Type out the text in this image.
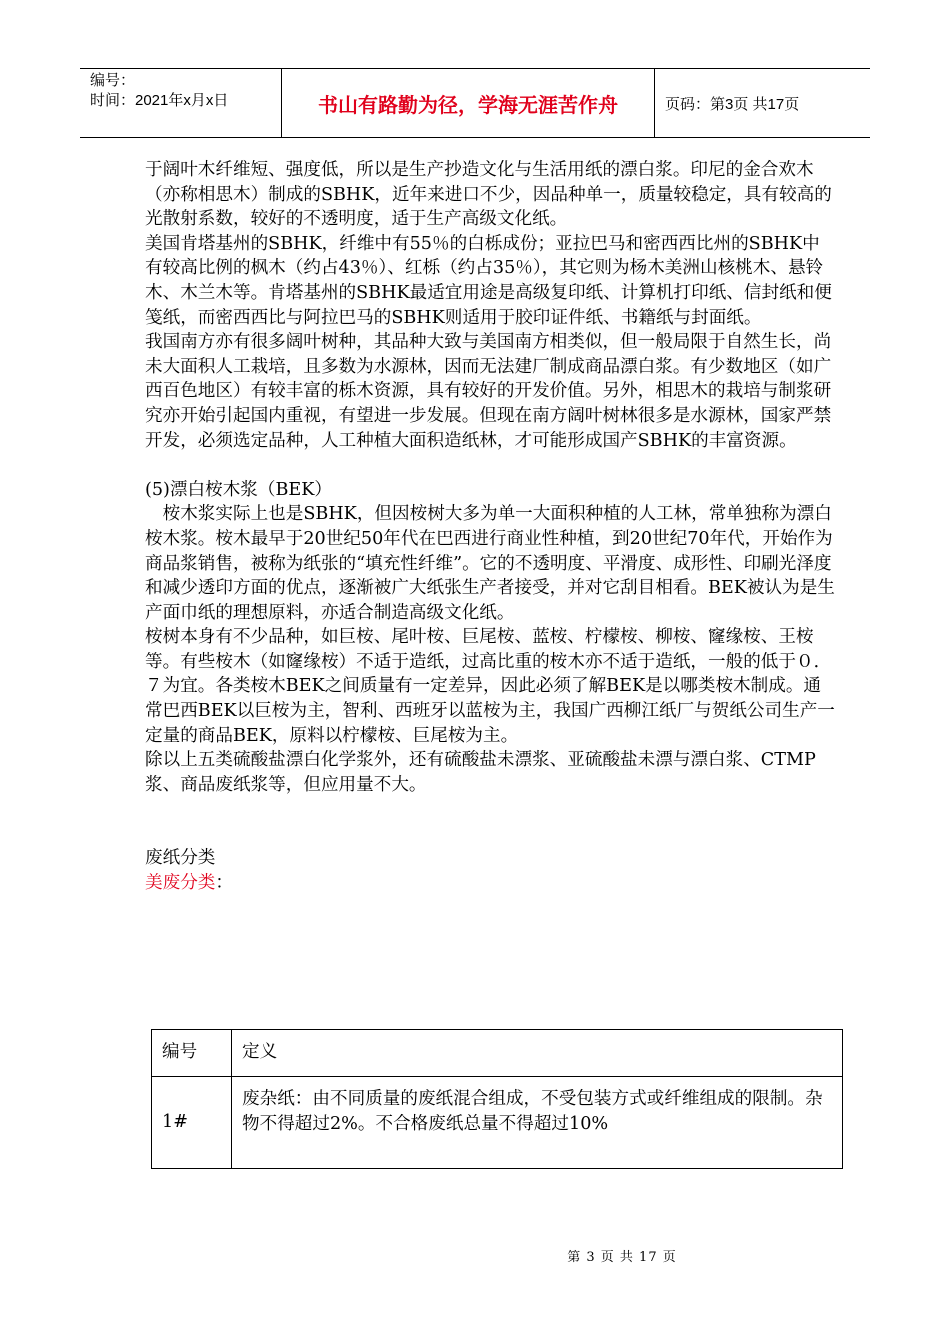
编号：
时间：2021年x月x日	书山有路勤为径，学海无涯苦作舟	页码：第3页 共17页

于阔叶木纤维短、强度低，所以是生产抄造文化与生活用纸的漂白浆。印尼的金合欢木（亦称相思木）制成的SBHK，近年来进口不少，因品种单一，质量较稳定，具有较高的光散射系数，较好的不透明度，适于生产高级文化纸。

美国肯塔基州的SBHK，纤维中有55％的白栎成份；亚拉巴马和密西西比州的SBHK中有较高比例的枫木（约占43％）、红栎（约占35％），其它则为杨木美洲山核桃木、悬铃木、木兰木等。肯塔基州的SBHK最适宜用途是高级复印纸、计算机打印纸、信封纸和便笺纸，而密西西比与阿拉巴马的SBHK则适用于胶印证件纸、书籍纸与封面纸。

我国南方亦有很多阔叶树种，其品种大致与美国南方相类似，但一般局限于自然生长，尚未大面积人工栽培，且多数为水源林，因而无法建厂制成商品漂白浆。有少数地区（如广西百色地区）有较丰富的栎木资源，具有较好的开发价值。另外，相思木的栽培与制浆研究亦开始引起国内重视，有望进一步发展。但现在南方阔叶树林很多是水源林，国家严禁开发，必须选定品种，人工种植大面积造纸林，才可能形成国产SBHK的丰富资源。

(5)漂白桉木浆（BEK）

桉木浆实际上也是SBHK，但因桉树大多为单一大面积种植的人工林，常单独称为漂白桉木浆。桉木最早于20世纪50年代在巴西进行商业性种植，到20世纪70年代，开始作为商品浆销售，被称为纸张的“填充性纤维”。它的不透明度、平滑度、成形性、印刷光泽度和减少透印方面的优点，逐渐被广大纸张生产者接受，并对它刮目相看。BEK被认为是生产面巾纸的理想原料，亦适合制造高级文化纸。

桉树本身有不少品种，如巨桉、尾叶桉、巨尾桉、蓝桉、柠檬桉、柳桉、窿缘桉、王桉等。有些桉木（如窿缘桉）不适于造纸，过高比重的桉木亦不适于造纸，一般的低于０．７为宜。各类桉木BEK之间质量有一定差异，因此必须了解BEK是以哪类桉木制成。通常巴西BEK以巨桉为主，智利、西班牙以蓝桉为主，我国广西柳江纸厂与贺纸公司生产一定量的商品BEK，原料以柠檬桉、巨尾桉为主。

除以上五类硫酸盐漂白化学浆外，还有硫酸盐未漂浆、亚硫酸盐未漂与漂白浆、CTMP浆、商品废纸浆等，但应用量不大。

废纸分类

美废分类：

编号	定义
1#	废杂纸：由不同质量的废纸混合组成，不受包装方式或纤维组成的限制。杂物不得超过2%。不合格废纸总量不得超过10%
第 3 页 共 17 页
